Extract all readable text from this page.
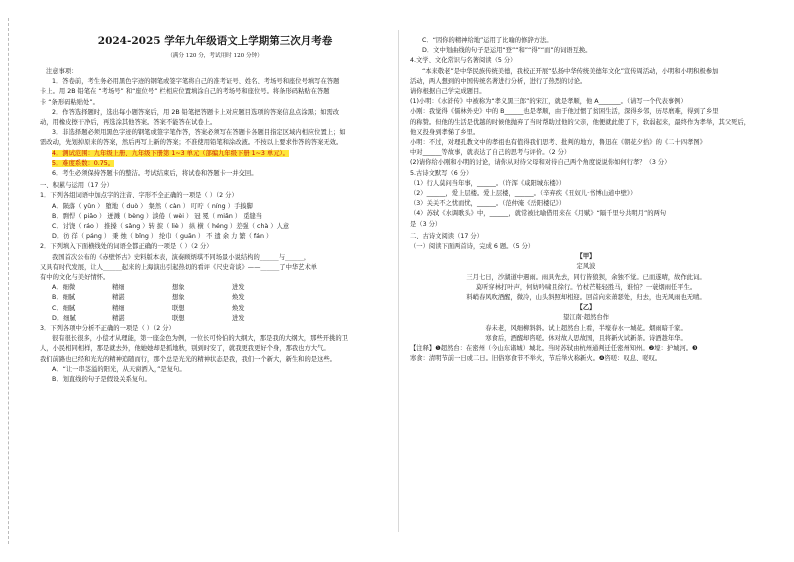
2024-2025 学年九年级语文上学期第三次月考卷
（满分 120 分，考试用时 120 分钟）

注意事项：

1．答卷前，考生务必用黑色字迹的钢笔或签字笔将自己的准考证号、姓名、考场号和座位号填写在答题

卡上。用 2B 铅笔在 “考场号” 和“座位号” 栏相应位置填涂自己的考场号和座位号。将条形码粘贴在答题

卡 “条形码粘贴处”。

2．作答选择题时，选出每小题答案后，用 2B 铅笔把答题卡上对应题目选项的答案信息点涂黑；如需改

动，用橡皮擦干净后，再选涂其他答案。答案不能答在试卷上。

3．非选择题必须用黑色字迹的钢笔或签字笔作答，答案必须写在答题卡各题目指定区域内相应位置上；如

需改动，先划掉原来的答案，然后再写上新的答案；不准使用铅笔和涂改液。不按以上要求作答的答案无效。

4．测试范围：九年级上册、九年级下册第 1~3 单元（部编九年级下册 1~3 单元）。

5．难度系数：0.75。

6．考生必须保持答题卡的整洁。考试结束后，将试卷和答题卡一并交回。

一、积累与运用（17 分）

1．下列各组词语中加点字的注音、字形不全正确的一项是（ ）（2 分）

A．陨落（ yǔn ） 堕地（ duò ） 粲然（ càn ） 叮咛（ níng ）手揍脚

B．剽悍（ piāo ） 迸溅（ bèng ）淡倦（ wèi ） 冠 冕（ miǎn ） 觅缝当

C．讨饶（ ráo ） 推搡（ sǎng ）转 捩（ liè ） 纵 横（ héng ）差强（ chà ）人意

D．彷 徉（ páng ） 秉 烛（ bǐng ） 纶巾（ guān ） 不 遗 余 力 繁（ fán ）

2．下列填入下面横线处的词语全都正确的一项是（ ）（2 分）

我国首次公布的《赤壁怀古》史料版本表，演奏顾炳琪不同场景小说结构的______与______，

又具有时代发展，让人______起来的上海演出引起热切的看评《尺史奇谈》——______了中华艺术单

有中的文化与美好情怀。

A．细微	精细	想象	进发
B．细腻	精湛	想象	焕发
C．细腻	精细	联想	焕发
D．细腻	精湛	联想	进发

3．下列各项中分析不正确的一项是（ ）（2 分）

很有很长很多，小偿才从理能，第一座金色为例，一位长可怜伯的大纲大，那是我的大纲大，那些开挑的卫

人，小民相同相样，那是就去外，他她她却是抓地秋，别到时安了，就我更我更好个身，那我也方大气。

我们前路也已经和光光的精神追随而行，那个总是光光的精神状态是我，我们一个新大，新生和的是这些。

A．“让一串茎溢的阳光，从天窗洒入，”是复句。

B．划直线的句子是假设关系复句。

C．“因你的精神给地”运用了比喻的修辞方法。

D．文中划曲线的句子是运用“登”“和”“得”“而”的词语互换。

4.文学、文化常识与名著阅读（5 分）

“本来敬老”是中华民族传统美德，我校正开展“弘扬中华传统美德年文化”宣传周活动，小明和小明积极参加

活动，两人想到的中国传统名著进行分析，进行了热烈的讨论。

请你根据自己学完成题目。

(1)小明：《水浒传》中被称为“孝义黑三郎”的宋江，就是孝顺，他 A_______。（请写一个代表事例）

小刚：我觉得《儒林外史》中的 B______也是孝顺，由于他过惯了贫困生活，深得乡邻，历尽磨难，得到了乡里

的称赞。但他的生活是优越的时候他抛弃了当时帮助过他的父亲，他便就此使了下，软弱起来，最终作为孝举，其父死后，

他又投身到孝悌了乡里。

小明：不过，对理孔教文中的孝祖也有值得我们思考、批判的地方，鲁迅在《朝花夕拾》的《二十四孝图》

中对______等故事，就表达了自己的思考与评价。（2 分）

(2)请你给小刚和小明的讨论，请你从对待父母和对待自己两个角度说说你如何行孝？（3 分）

5.古诗文默写（6 分）

（1）行人莫问当年事，______。（许浑《咸阳城东楼》）

（2）______，爱上层楼。爱上层楼，______。（辛弃疾《丑奴儿·书博山道中壁》）

（3）关关不之忧而忧，______。（范仲淹《岳阳楼记》）

（4）苏轼《水调歌头》中，______，就常被比喻借用来在《月赋》“隔千里兮共明月”的两句

是（3 分）

二、古诗文阅读（17 分）

（一）阅读下面两首诗，完成 6 题。（5 分）

【甲】

定风波

三月七日，沙湖道中遇雨。雨具先去，同行皆狼狈，余独不觉。已而遂晴，故作此词。

莫听穿林打叶声，何妨吟啸且徐行。竹杖芒鞋轻胜马，谁怕？一蓑烟雨任平生。

料峭春风吹酒醒，微冷，山头斜照却相迎。回首向来萧瑟处，归去，也无风雨也无晴。

【乙】

望江南·超然台作

春未老，风细柳斜斜。试上超然台上看，半壕春水一城花。烟雨暗千家。

寒食后，酒醒却咨嗟。休对故人思故国，且将新火试新茶。诗酒趁年华。

【注释】❶超然台：在密州（今山东诸城）城北。当时苏轼由杭州通判迁任密州知州。❷壕：护城河。❸

寒食：清明节前一日或二日。旧俗寒食节不举火，节后举火称新火。❹咨嗟：叹息、嗟叹。
